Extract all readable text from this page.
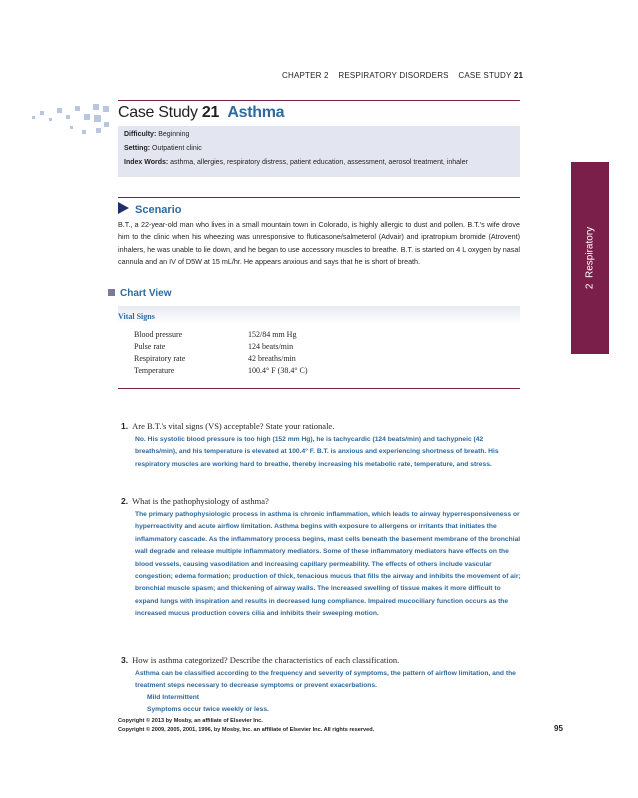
CHAPTER 2 RESPIRATORY DISORDERS CASE STUDY 21
Case Study 21 Asthma
Difficulty: Beginning
Setting: Outpatient clinic
Index Words: asthma, allergies, respiratory distress, patient education, assessment, aerosol treatment, inhaler
Scenario
B.T., a 22-year-old man who lives in a small mountain town in Colorado, is highly allergic to dust and pollen. B.T.'s wife drove him to the clinic when his wheezing was unresponsive to fluticasone/salmeterol (Advair) and ipratropium bromide (Atrovent) inhalers, he was unable to lie down, and he began to use accessory muscles to breathe. B.T. is started on 4 L oxygen by nasal cannula and an IV of D5W at 15 mL/hr. He appears anxious and says that he is short of breath.
Chart View
Vital Signs
Blood pressure	152/84 mm Hg
Pulse rate	124 beats/min
Respiratory rate	42 breaths/min
Temperature	100.4° F (38.4° C)
2  Respiratory
1. Are B.T.'s vital signs (VS) acceptable? State your rationale.
No. His systolic blood pressure is too high (152 mm Hg), he is tachycardic (124 beats/min) and tachypneic (42 breaths/min), and his temperature is elevated at 100.4° F. B.T. is anxious and experiencing shortness of breath. His respiratory muscles are working hard to breathe, thereby increasing his metabolic rate, temperature, and stress.
2. What is the pathophysiology of asthma?
The primary pathophysiologic process in asthma is chronic inflammation, which leads to airway hyperresponsiveness or hyperreactivity and acute airflow limitation. Asthma begins with exposure to allergens or irritants that initiates the inflammatory cascade. As the inflammatory process begins, mast cells beneath the basement membrane of the bronchial wall degrade and release multiple inflammatory mediators. Some of these inflammatory mediators have effects on the blood vessels, causing vasodilation and increasing capillary permeability. The effects of others include vascular congestion; edema formation; production of thick, tenacious mucus that fills the airway and inhibits the movement of air; bronchial muscle spasm; and thickening of airway walls. The increased swelling of tissue makes it more difficult to expand lungs with inspiration and results in decreased lung compliance. Impaired mucociliary function occurs as the increased mucus production covers cilia and inhibits their sweeping motion.
3. How is asthma categorized? Describe the characteristics of each classification.
Asthma can be classified according to the frequency and severity of symptoms, the pattern of airflow limitation, and the treatment steps necessary to decrease symptoms or prevent exacerbations.
Mild Intermittent
Symptoms occur twice weekly or less.
Copyright © 2013 by Mosby, an affiliate of Elsevier Inc.
Copyright © 2009, 2005, 2001, 1996, by Mosby, Inc. an affiliate of Elsevier Inc. All rights reserved.	95
